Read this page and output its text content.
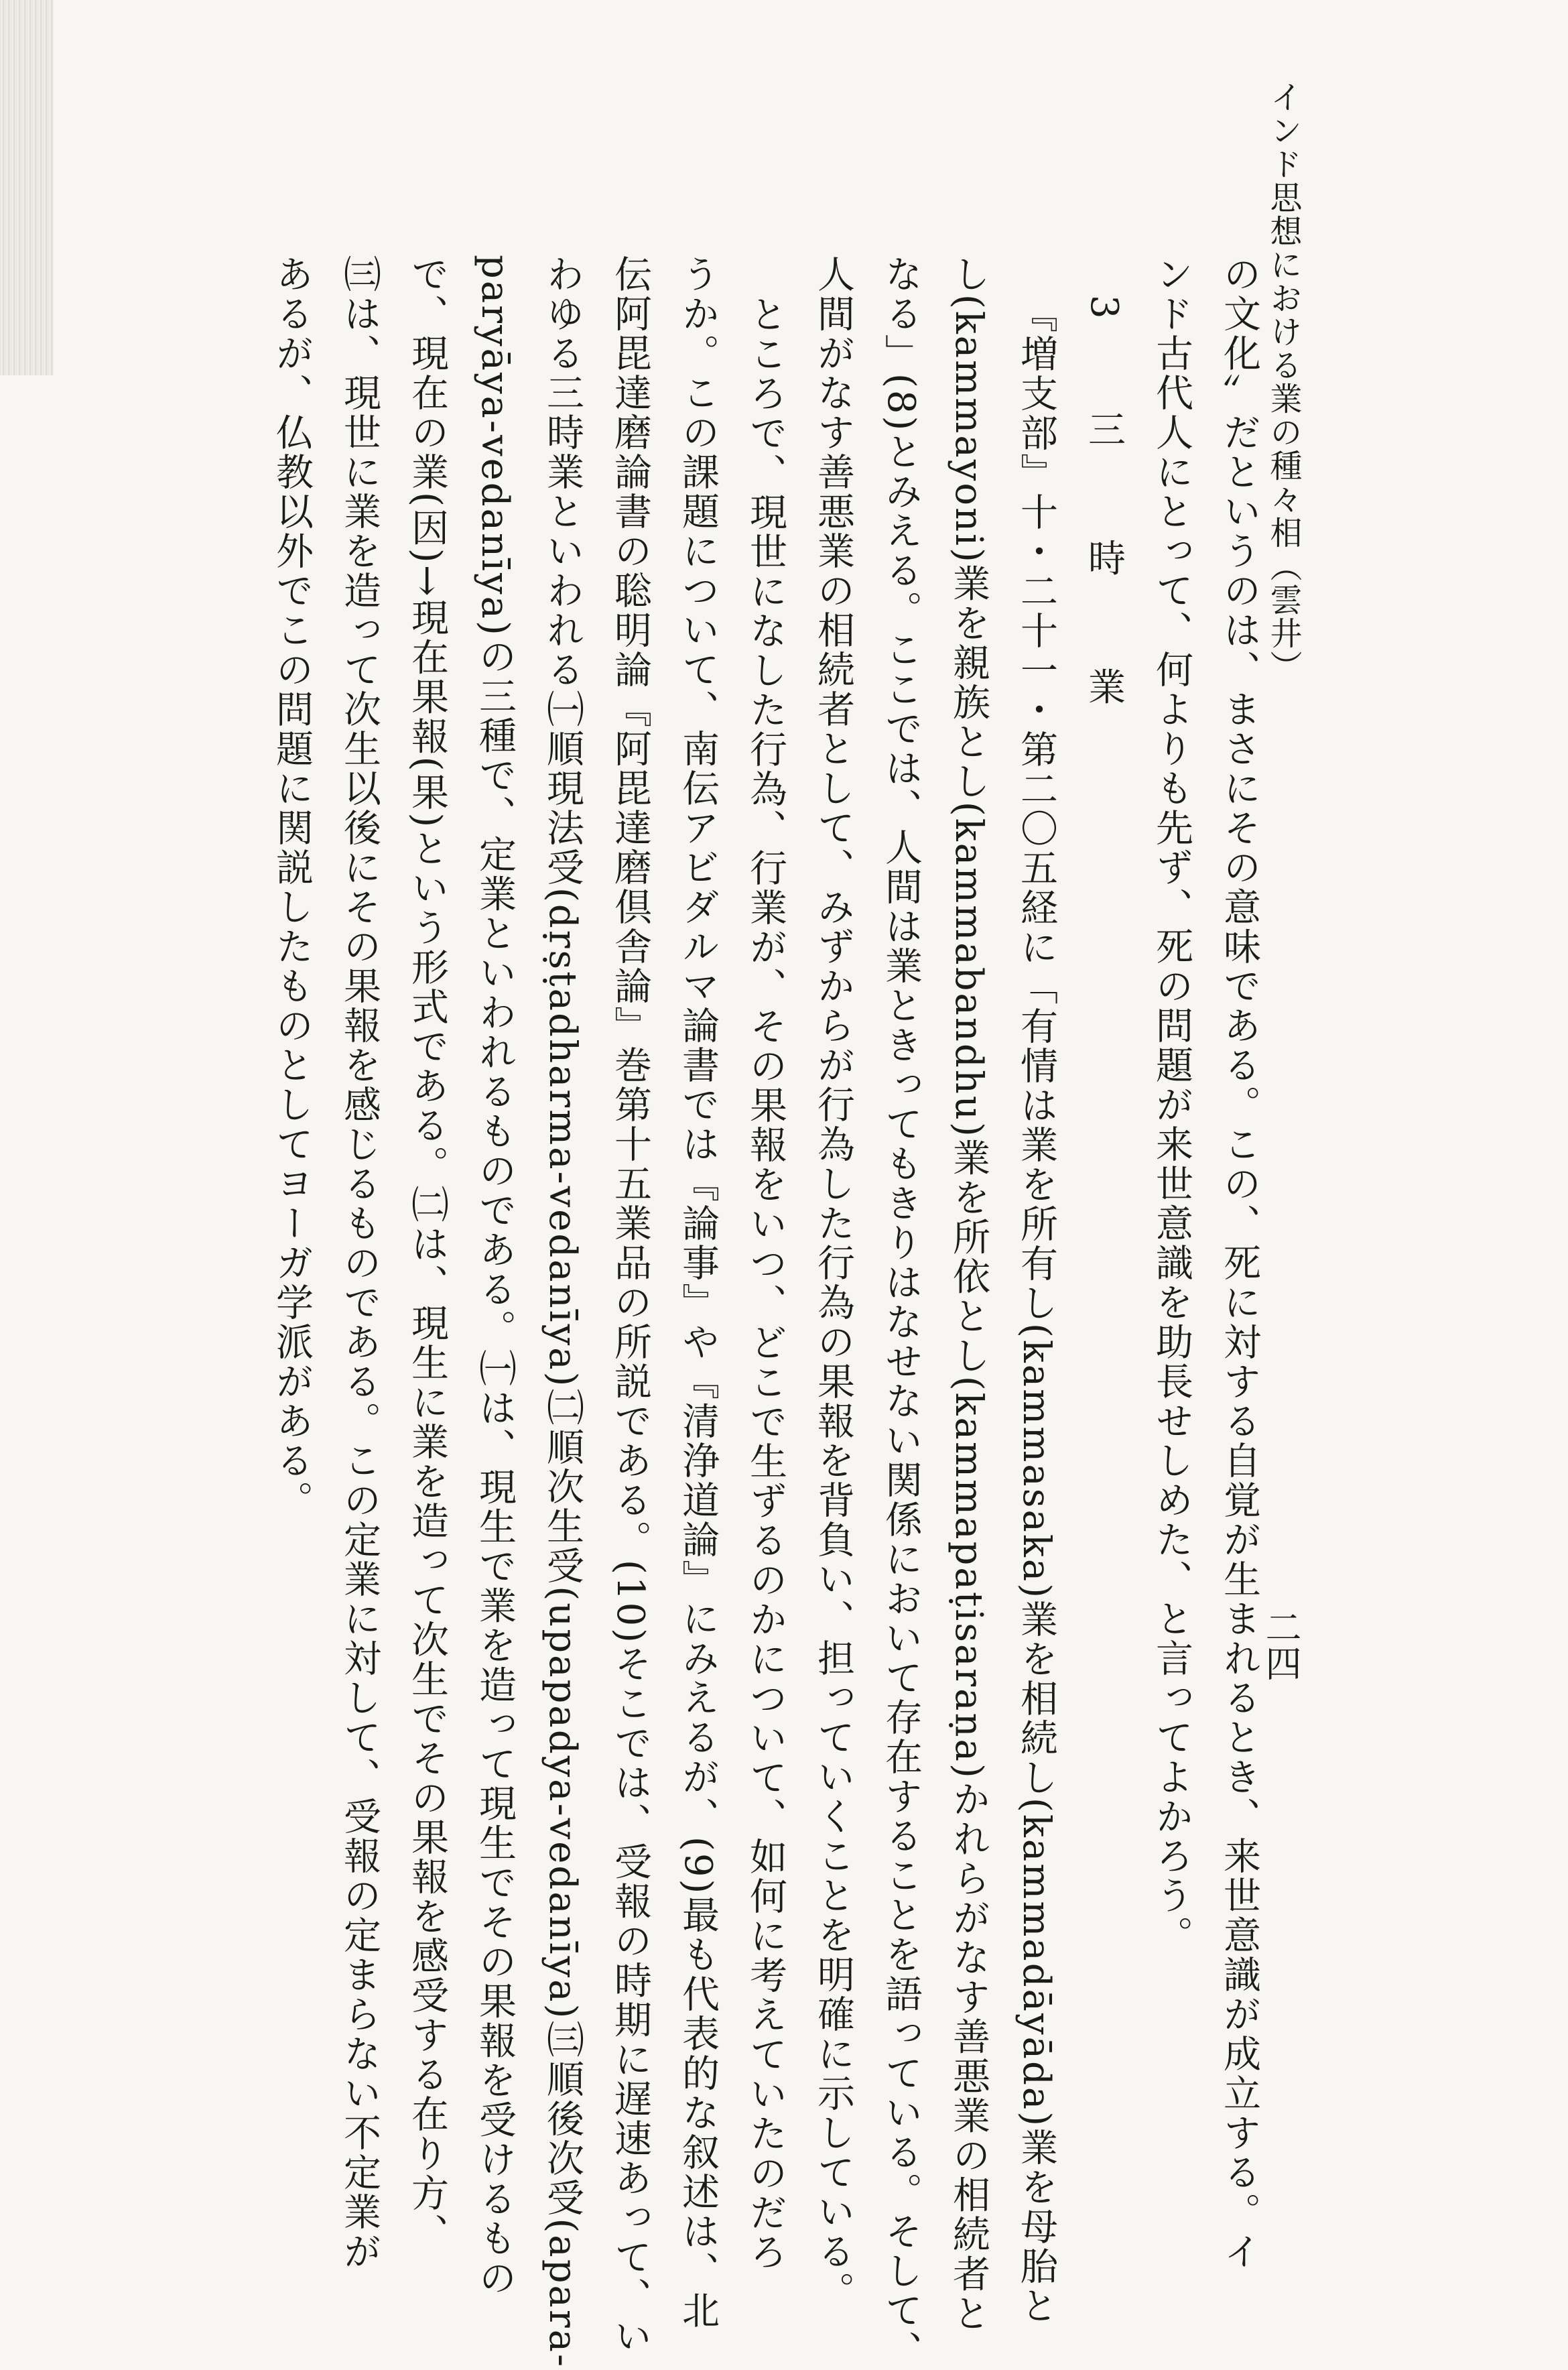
インド思想における業の種々相（雲井）
二四
の文化〟だというのは、まさにその意味である。この、死に対する自覚が生まれるとき、来世意識が成立する。イ
ンド古代人にとって、何よりも先ず、死の問題が来世意識を助長せしめた、と言ってよかろう。
3　三　時　業
『増支部』十・二十一・第二〇五経に「有情は業を所有し(kammasaka)業を相続し(kammadāyāda)業を母胎と
し(kammayoni)業を親族とし(kammabandhu)業を所依とし(kammapaṭisaraṇa)かれらがなす善悪業の相続者と
なる」(8)とみえる。ここでは、人間は業ときってもきりはなせない関係において存在することを語っている。そして、
人間がなす善悪業の相続者として、みずからが行為した行為の果報を背負い、担っていくことを明確に示している。
ところで、現世になした行為、行業が、その果報をいつ、どこで生ずるのかについて、如何に考えていたのだろ
うか。この課題について、南伝アビダルマ論書では『論事』や『清浄道論』にみえるが、(9)最も代表的な叙述は、北
伝阿毘達磨論書の聡明論『阿毘達磨倶舎論』巻第十五業品の所説である。(10)そこでは、受報の時期に遅速あって、い
わゆる三時業といわれる㈠順現法受(dṛṣṭadharma-vedanīya)㈡順次生受(upapadya-vedanīya)㈢順後次受(apara-
paryāya-vedanīya)の三種で、定業といわれるものである。㈠は、現生で業を造って現生でその果報を受けるもの
で、現在の業(因)→現在果報(果)という形式である。㈡は、現生に業を造って次生でその果報を感受する在り方、
㈢は、現世に業を造って次生以後にその果報を感じるものである。この定業に対して、受報の定まらない不定業が
あるが、仏教以外でこの問題に関説したものとしてヨーガ学派がある。
